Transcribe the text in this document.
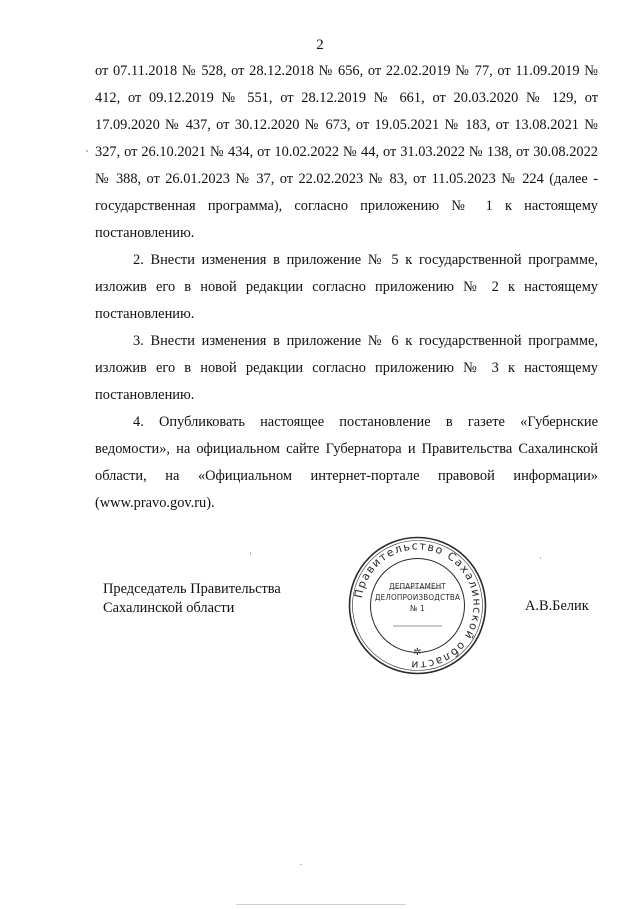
2

от 07.11.2018 № 528, от 28.12.2018 № 656, от 22.02.2019 № 77, от 11.09.2019 № 412, от 09.12.2019 № 551, от 28.12.2019 № 661, от 20.03.2020 № 129, от 17.09.2020 № 437, от 30.12.2020 № 673, от 19.05.2021 № 183, от 13.08.2021 № 327, от 26.10.2021 № 434, от 10.02.2022 № 44, от 31.03.2022 № 138, от 30.08.2022 № 388, от 26.01.2023 № 37, от 22.02.2023 № 83, от 11.05.2023 № 224 (далее - государственная программа), согласно приложению № 1 к настоящему постановлению.

2. Внести изменения в приложение № 5 к государственной программе, изложив его в новой редакции согласно приложению № 2 к настоящему постановлению.

3. Внести изменения в приложение № 6 к государственной программе, изложив его в новой редакции согласно приложению № 3 к настоящему постановлению.

4. Опубликовать настоящее постановление в газете «Губернские ведомости», на официальном сайте Губернатора и Правительства Сахалинской области, на «Официальном интернет-портале правовой информации» (www.pravo.gov.ru).

Председатель Правительства
Сахалинской области
Правительство Сахалинской области
✲
ДЕПАРТАМЕНТ
ДЕЛОПРОИЗВОДСТВА
№ 1	А.В.Белик
